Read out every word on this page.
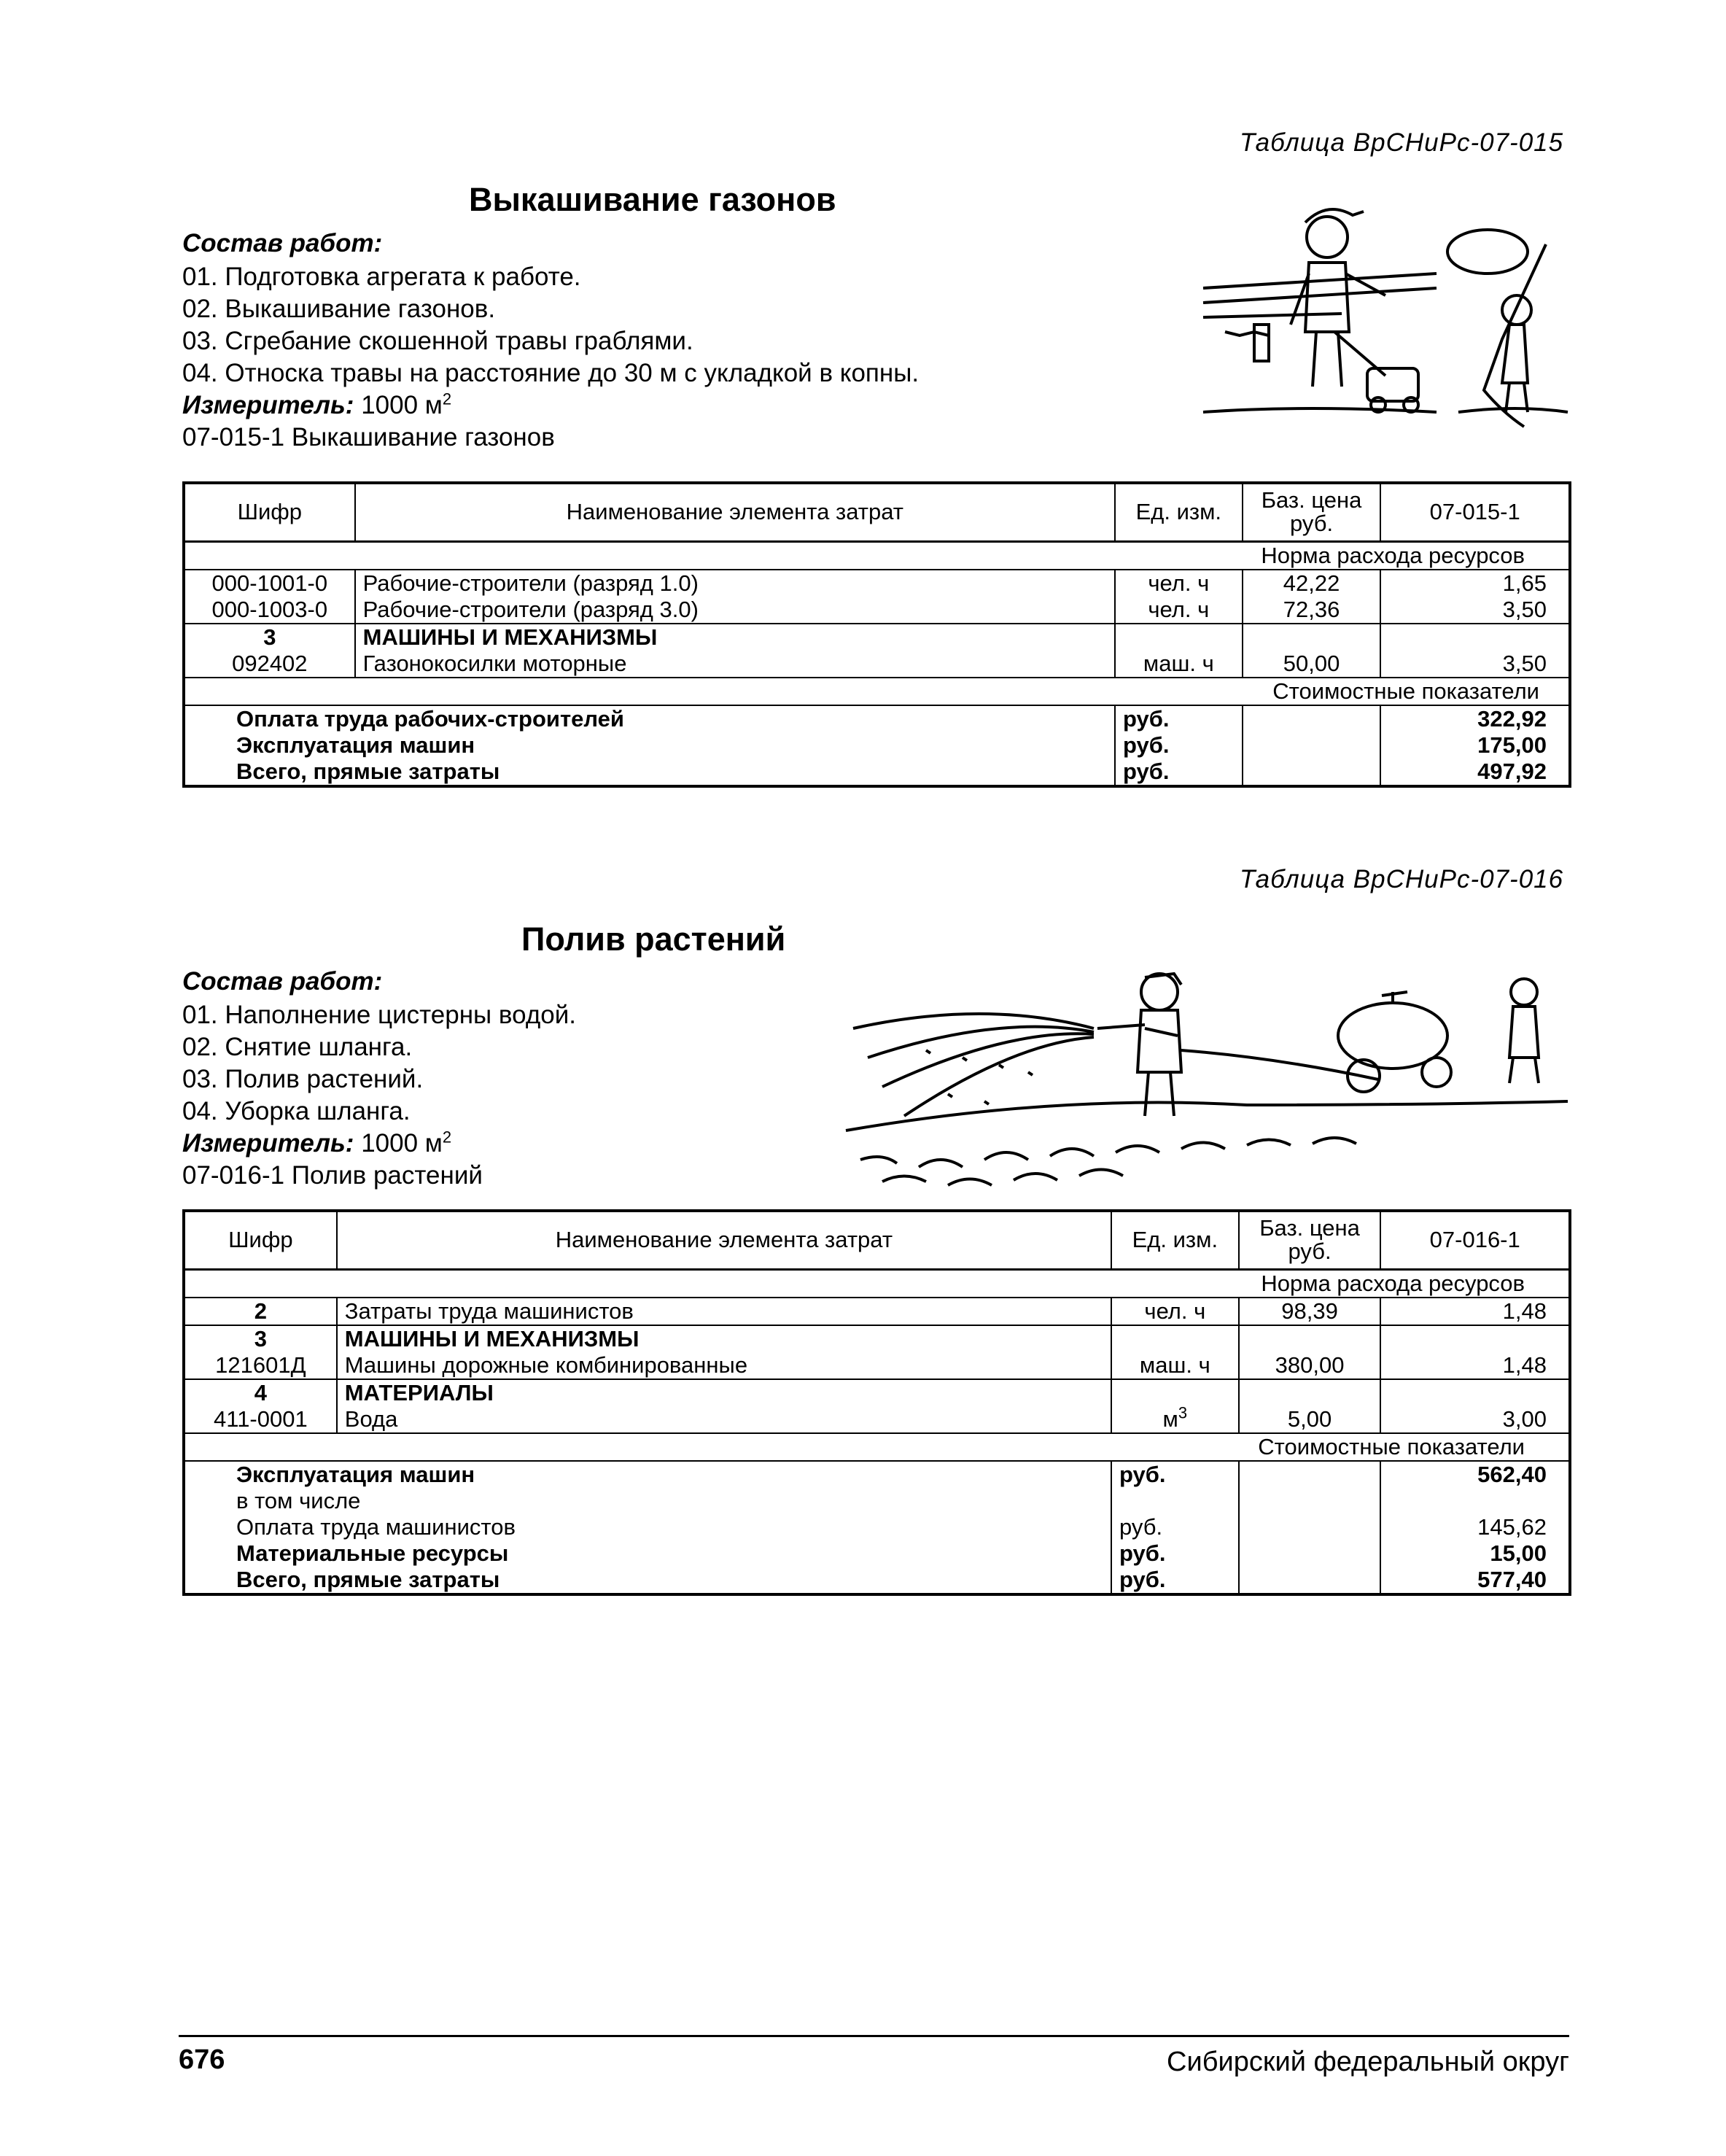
Таблица ВрСНиРс-07-015
Выкашивание газонов
Состав работ:
01. Подготовка агрегата к работе.
02. Выкашивание газонов.
03. Сгребание скошенной травы граблями.
04. Относка травы на расстояние до 30 м с укладкой в копны.
Измеритель: 1000 $м^2$
07-015-1 Выкашивание газонов
Шифр	Наименование элемента затрат	Ед. изм.	Баз. цена руб.	07-015-1
Норма расхода ресурсов				
000-1001-0	Рабочие-строители (разряд 1.0)	чел. ч	42,22	1,65
000-1003-0	Рабочие-строители (разряд 3.0)	чел. ч	72,36	3,50
3	МАШИНЫ И МЕХАНИЗМЫ			
092402	Газонокосилки моторные	маш. ч	50,00	3,50
Стоимостные показатели				
Оплата труда рабочих-строителей		руб.		322,92
Эксплуатация машин		руб.		175,00
Всего, прямые затраты		руб.		497,92
Таблица ВрСНиРс-07-016
Полив растений
Состав работ:
01. Наполнение цистерны водой.
02. Снятие шланга.
03. Полив растений.
04. Уборка шланга.
Измеритель: 1000 $м^2$
07-016-1 Полив растений
Шифр	Наименование элемента затрат	Ед. изм.	Баз. цена руб.	07-016-1
Норма расхода ресурсов				
2	Затраты труда машинистов	чел. ч	98,39	1,48
3	МАШИНЫ И МЕХАНИЗМЫ			
121601Д	Машины дорожные комбинированные	маш. ч	380,00	1,48
4	МАТЕРИАЛЫ			
411-0001	Вода	$м^3$	5,00	3,00
Стоимостные показатели				
Эксплуатация машин		руб.		562,40
в том числе				
Оплата труда машинистов		руб.		145,62
Материальные ресурсы		руб.		15,00
Всего, прямые затраты		руб.		577,40
676	Сибирский федеральный округ
